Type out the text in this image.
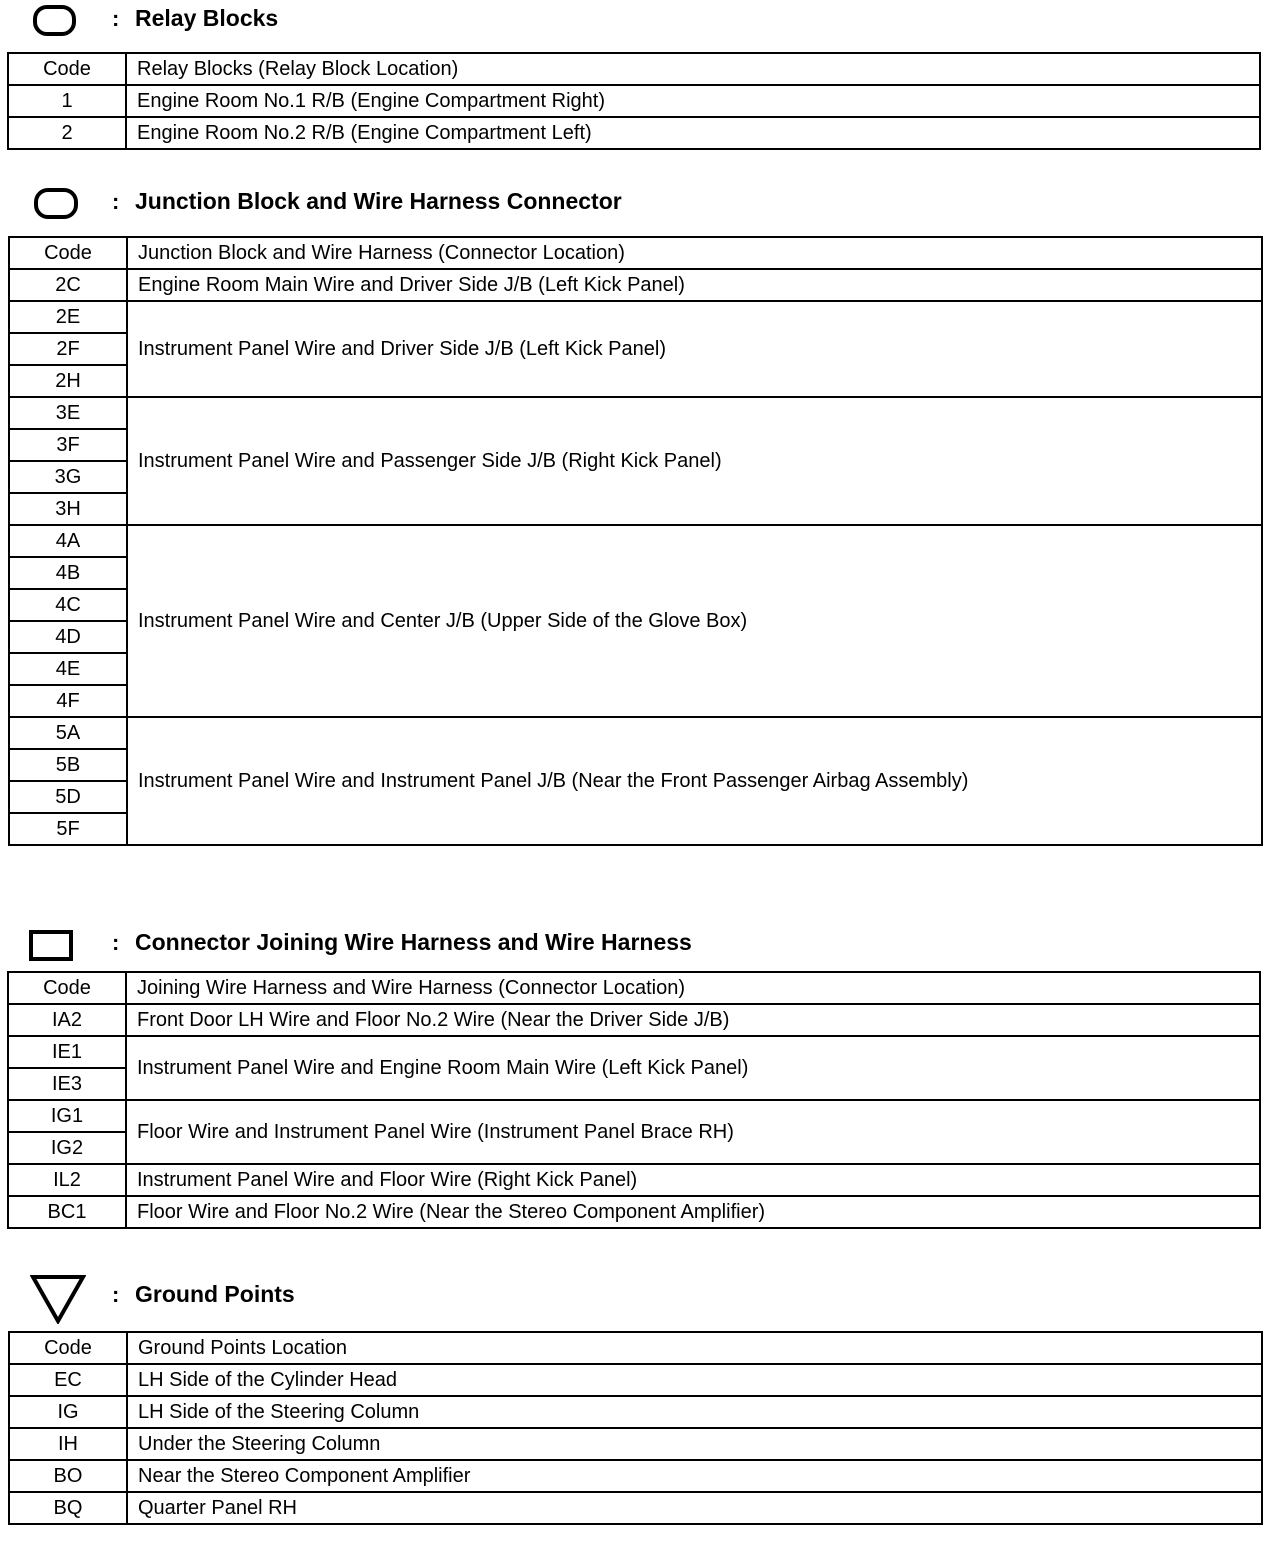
: Relay Blocks
Code	Relay Blocks (Relay Block Location)
1	Engine Room No.1 R/B (Engine Compartment Right)
2	Engine Room No.2 R/B (Engine Compartment Left)
: Junction Block and Wire Harness Connector
Code	Junction Block and Wire Harness (Connector Location)
2C	Engine Room Main Wire and Driver Side J/B (Left Kick Panel)
2E	Instrument Panel Wire and Driver Side J/B (Left Kick Panel)
2F	
2H	
3E	Instrument Panel Wire and Passenger Side J/B (Right Kick Panel)
3F	
3G	
3H	
4A	Instrument Panel Wire and Center J/B (Upper Side of the Glove Box)
4B	
4C	
4D	
4E	
4F	
5A	Instrument Panel Wire and Instrument Panel J/B (Near the Front Passenger Airbag Assembly)
5B	
5D	
5F	
: Connector Joining Wire Harness and Wire Harness
Code	Joining Wire Harness and Wire Harness (Connector Location)
IA2	Front Door LH Wire and Floor No.2 Wire (Near the Driver Side J/B)
IE1	Instrument Panel Wire and Engine Room Main Wire (Left Kick Panel)
IE3	
IG1	Floor Wire and Instrument Panel Wire (Instrument Panel Brace RH)
IG2	
IL2	Instrument Panel Wire and Floor Wire (Right Kick Panel)
BC1	Floor Wire and Floor No.2 Wire (Near the Stereo Component Amplifier)
: Ground Points
Code	Ground Points Location
EC	LH Side of the Cylinder Head
IG	LH Side of the Steering Column
IH	Under the Steering Column
BO	Near the Stereo Component Amplifier
BQ	Quarter Panel RH
